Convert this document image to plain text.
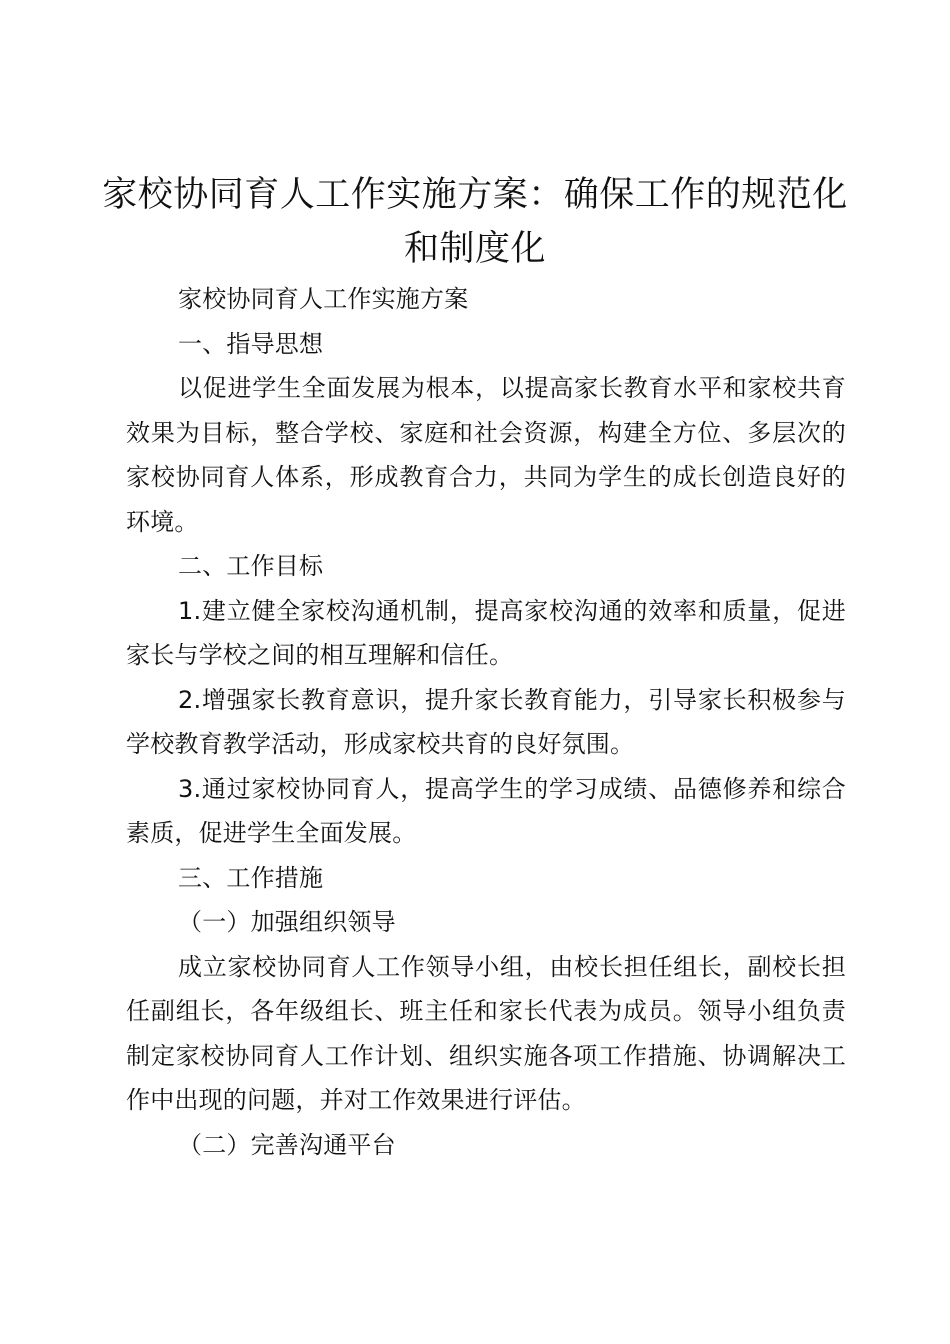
家校协同育人工作实施方案：确保工作的规范化和制度化

家校协同育人工作实施方案

一、指导思想

以促进学生全面发展为根本，以提高家长教育水平和家校共育效果为目标，整合学校、家庭和社会资源，构建全方位、多层次的家校协同育人体系，形成教育合力，共同为学生的成长创造良好的环境。

二、工作目标

1.建立健全家校沟通机制，提高家校沟通的效率和质量，促进家长与学校之间的相互理解和信任。

2.增强家长教育意识，提升家长教育能力，引导家长积极参与学校教育教学活动，形成家校共育的良好氛围。

3.通过家校协同育人，提高学生的学习成绩、品德修养和综合素质，促进学生全面发展。

三、工作措施

（一）加强组织领导

成立家校协同育人工作领导小组，由校长担任组长，副校长担任副组长，各年级组长、班主任和家长代表为成员。领导小组负责制定家校协同育人工作计划、组织实施各项工作措施、协调解决工作中出现的问题，并对工作效果进行评估。

（二）完善沟通平台
